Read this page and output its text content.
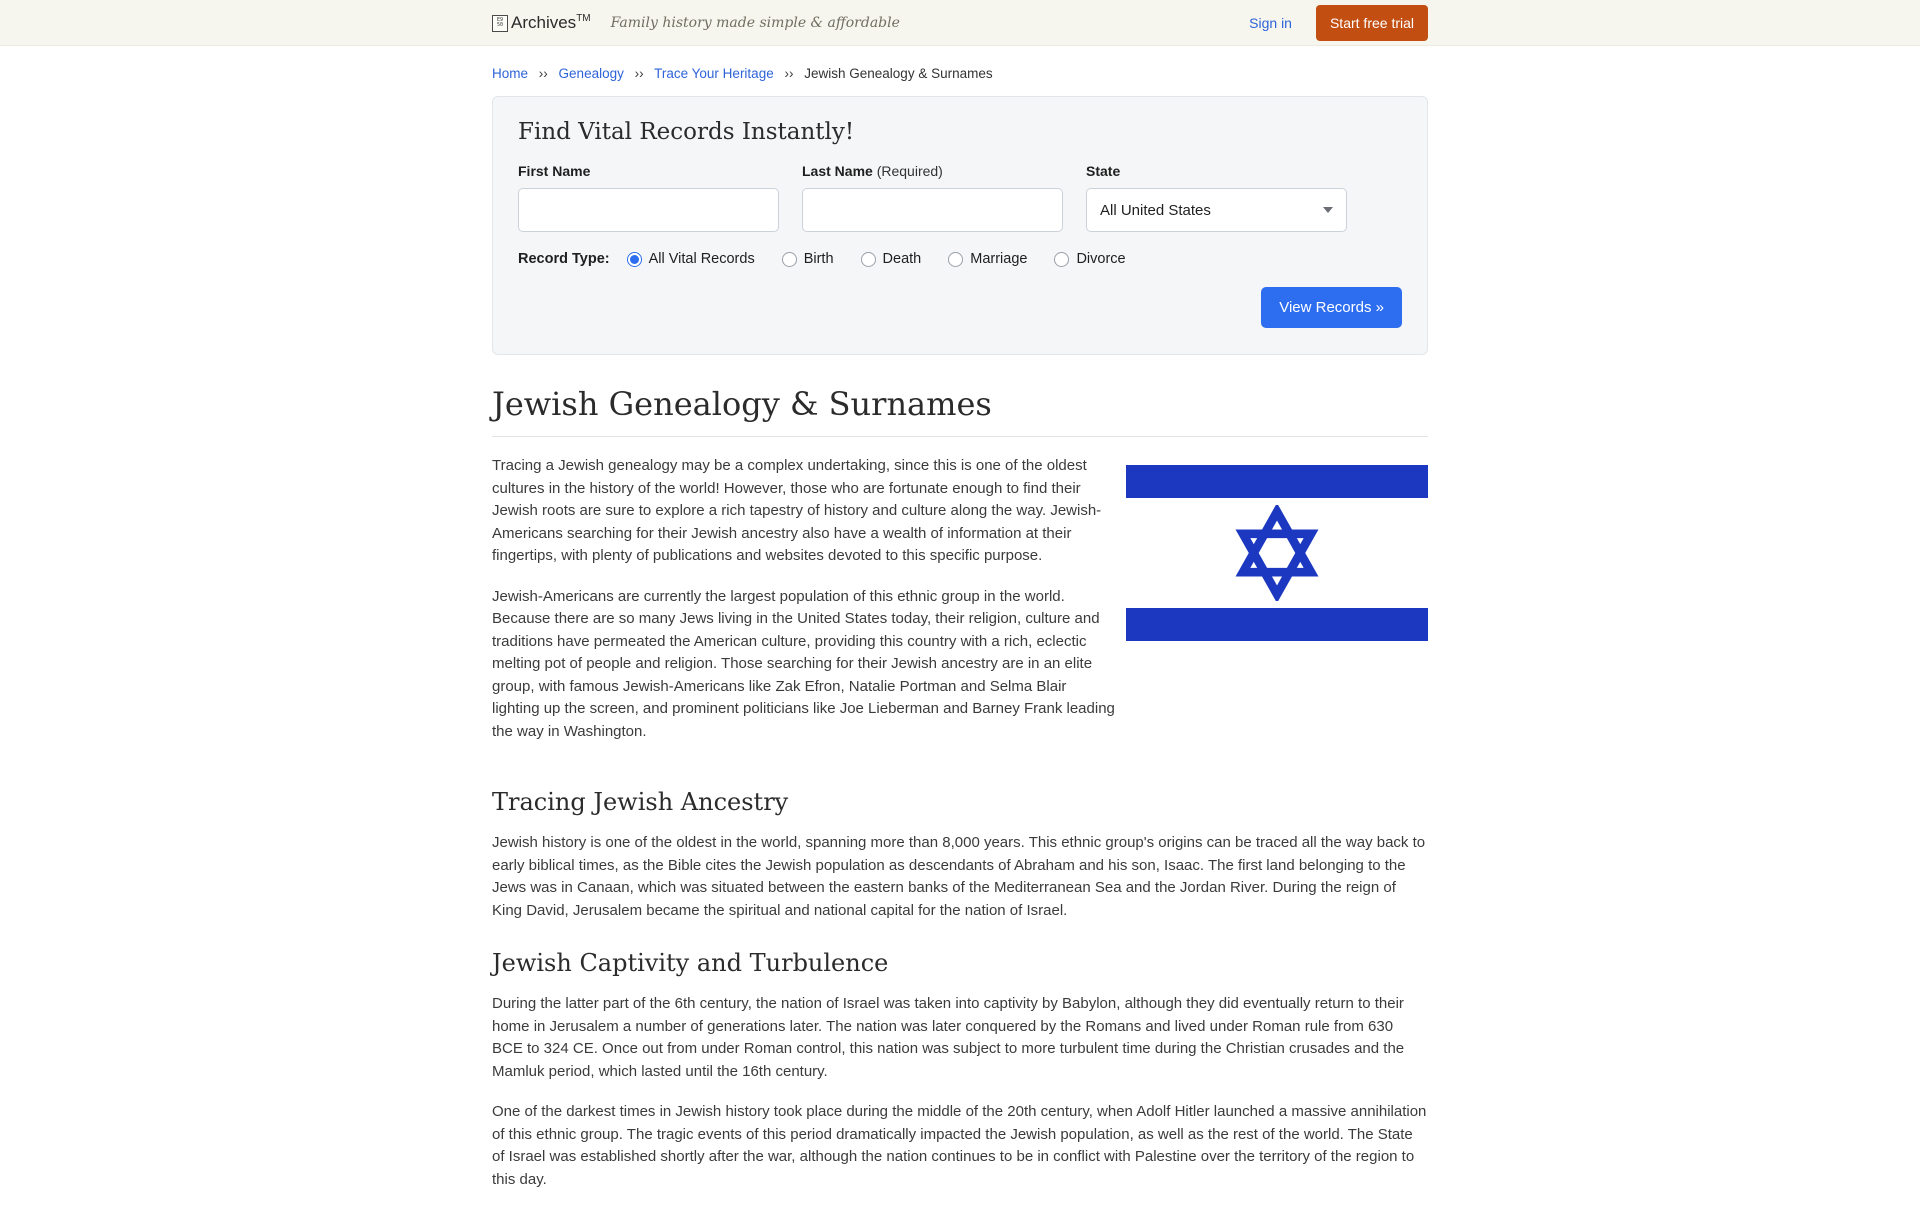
E9
50 Archives TM Family history made simple & affordable	Sign in	Start free trial
Home ›› Genealogy ›› Trace Your Heritage ›› Jewish Genealogy & Surnames
Find Vital Records Instantly!
First Name	Last Name (Required)	State
All United States
Record Type:	All Vital Records	Birth	Death	Marriage	Divorce
View Records »
Jewish Genealogy & Surnames

Tracing a Jewish genealogy may be a complex undertaking, since this is one of the oldest cultures in the history of the world! However, those who are fortunate enough to find their Jewish roots are sure to explore a rich tapestry of history and culture along the way. Jewish-Americans searching for their Jewish ancestry also have a wealth of information at their fingertips, with plenty of publications and websites devoted to this specific purpose.

Jewish-Americans are currently the largest population of this ethnic group in the world. Because there are so many Jews living in the United States today, their religion, culture and traditions have permeated the American culture, providing this country with a rich, eclectic melting pot of people and religion. Those searching for their Jewish ancestry are in an elite group, with famous Jewish-Americans like Zak Efron, Natalie Portman and Selma Blair lighting up the screen, and prominent politicians like Joe Lieberman and Barney Frank leading the way in Washington.

Tracing Jewish Ancestry

Jewish history is one of the oldest in the world, spanning more than 8,000 years. This ethnic group's origins can be traced all the way back to early biblical times, as the Bible cites the Jewish population as descendants of Abraham and his son, Isaac. The first land belonging to the Jews was in Canaan, which was situated between the eastern banks of the Mediterranean Sea and the Jordan River. During the reign of King David, Jerusalem became the spiritual and national capital for the nation of Israel.

Jewish Captivity and Turbulence

During the latter part of the 6th century, the nation of Israel was taken into captivity by Babylon, although they did eventually return to their home in Jerusalem a number of generations later. The nation was later conquered by the Romans and lived under Roman rule from 630 BCE to 324 CE. Once out from under Roman control, this nation was subject to more turbulent time during the Christian crusades and the Mamluk period, which lasted until the 16th century.

One of the darkest times in Jewish history took place during the middle of the 20th century, when Adolf Hitler launched a massive annihilation of this ethnic group. The tragic events of this period dramatically impacted the Jewish population, as well as the rest of the world. The State of Israel was established shortly after the war, although the nation continues to be in conflict with Palestine over the territory of the region to this day.
